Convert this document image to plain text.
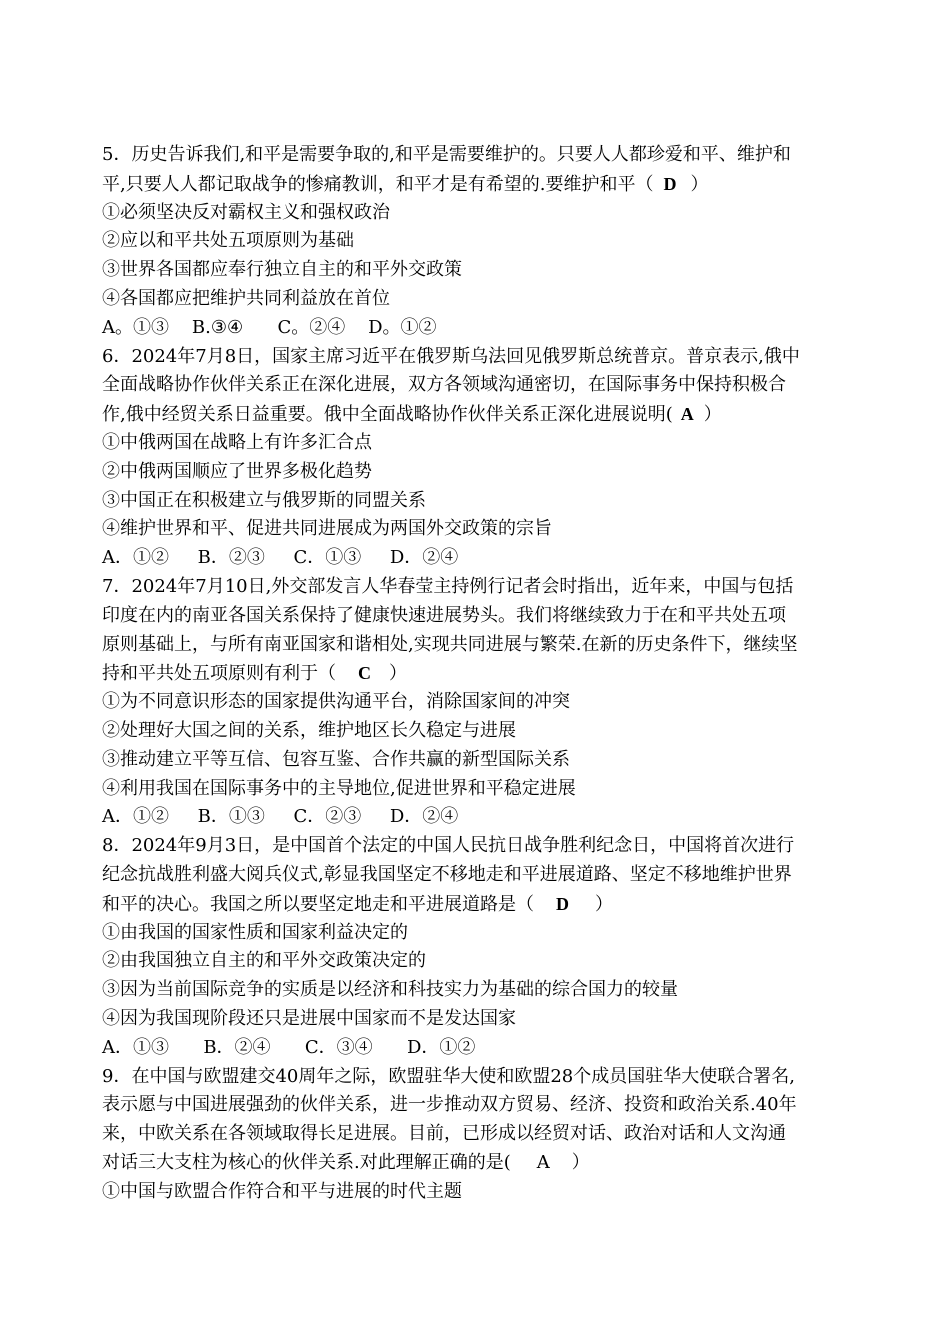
5．历史告诉我们,和平是需要争取的,和平是需要维护的。只要人人都珍爱和平、维护和
平,只要人人都记取战争的惨痛教训，和平才是有希望的.要维护和平（ D ）
①必须坚决反对霸权主义和强权政治
②应以和平共处五项原则为基础
③世界各国都应奉行独立自主的和平外交政策
④各国都应把维护共同利益放在首位
A。①③    B.③④      C。②④    D。①②
6．2024年7月8日，国家主席习近平在俄罗斯乌法回见俄罗斯总统普京。普京表示,俄中
全面战略协作伙伴关系正在深化进展，双方各领域沟通密切，在国际事务中保持积极合
作,俄中经贸关系日益重要。俄中全面战略协作伙伴关系正深化进展说明( A ）
①中俄两国在战略上有许多汇合点
②中俄两国顺应了世界多极化趋势
③中国正在积极建立与俄罗斯的同盟关系
④维护世界和平、促进共同进展成为两国外交政策的宗旨
A．①②     B．②③     C．①③     D．②④
7．2024年7月10日,外交部发言人华春莹主持例行记者会时指出，近年来，中国与包括
印度在内的南亚各国关系保持了健康快速进展势头。我们将继续致力于在和平共处五项
原则基础上，与所有南亚国家和谐相处,实现共同进展与繁荣.在新的历史条件下，继续坚
持和平共处五项原则有利于（ C ）
①为不同意识形态的国家提供沟通平台，消除国家间的冲突
②处理好大国之间的关系，维护地区长久稳定与进展
③推动建立平等互信、包容互鉴、合作共赢的新型国际关系
④利用我国在国际事务中的主导地位,促进世界和平稳定进展
A．①②     B．①③     C．②③     D．②④
8．2024年9月3日，是中国首个法定的中国人民抗日战争胜利纪念日，中国将首次进行
纪念抗战胜利盛大阅兵仪式,彰显我国坚定不移地走和平进展道路、坚定不移地维护世界
和平的决心。我国之所以要坚定地走和平进展道路是（ D ）
①由我国的国家性质和国家利益决定的
②由我国独立自主的和平外交政策决定的
③因为当前国际竞争的实质是以经济和科技实力为基础的综合国力的较量
④因为我国现阶段还只是进展中国家而不是发达国家
A．①③      B．②④      C．③④      D．①②
9．在中国与欧盟建交40周年之际，欧盟驻华大使和欧盟28个成员国驻华大使联合署名,
表示愿与中国进展强劲的伙伴关系，进一步推动双方贸易、经济、投资和政治关系.40年
来，中欧关系在各领域取得长足进展。目前，已形成以经贸对话、政治对话和人文沟通
对话三大支柱为核心的伙伴关系.对此理解正确的是( A ）
①中国与欧盟合作符合和平与进展的时代主题
